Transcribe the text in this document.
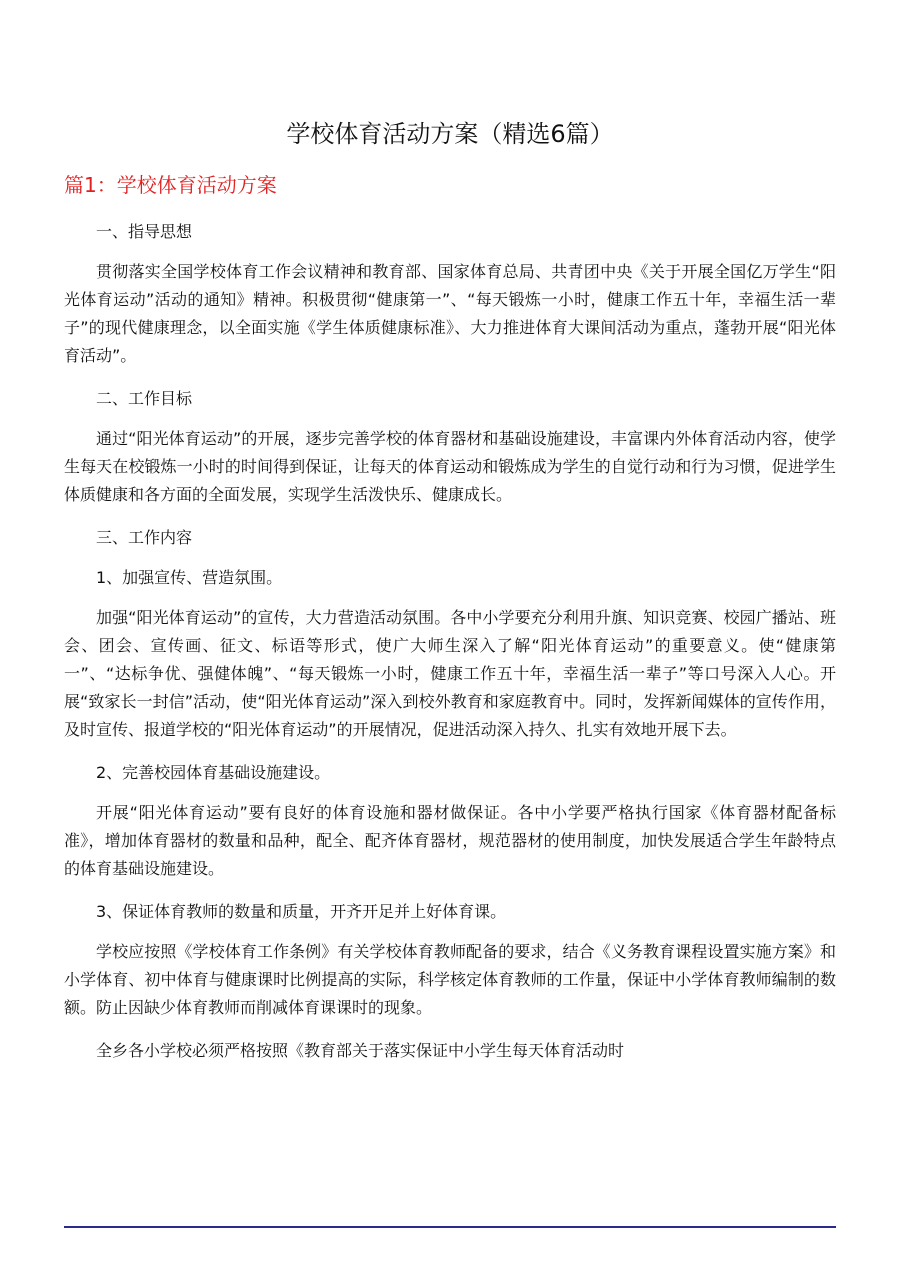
学校体育活动方案（精选6篇）
篇1：学校体育活动方案

一、指导思想

贯彻落实全国学校体育工作会议精神和教育部、国家体育总局、共青团中央《关于开展全国亿万学生“阳光体育运动”活动的通知》精神。积极贯彻“健康第一”、“每天锻炼一小时，健康工作五十年，幸福生活一辈子”的现代健康理念，以全面实施《学生体质健康标准》、大力推进体育大课间活动为重点，蓬勃开展“阳光体育活动”。

二、工作目标

通过“阳光体育运动”的开展，逐步完善学校的体育器材和基础设施建设，丰富课内外体育活动内容，使学生每天在校锻炼一小时的时间得到保证，让每天的体育运动和锻炼成为学生的自觉行动和行为习惯，促进学生体质健康和各方面的全面发展，实现学生活泼快乐、健康成长。

三、工作内容

1、加强宣传、营造氛围。

加强“阳光体育运动”的宣传，大力营造活动氛围。各中小学要充分利用升旗、知识竞赛、校园广播站、班会、团会、宣传画、征文、标语等形式，使广大师生深入了解“阳光体育运动”的重要意义。使“健康第一”、“达标争优、强健体魄”、“每天锻炼一小时，健康工作五十年，幸福生活一辈子”等口号深入人心。开展“致家长一封信”活动，使“阳光体育运动”深入到校外教育和家庭教育中。同时，发挥新闻媒体的宣传作用，及时宣传、报道学校的“阳光体育运动”的开展情况，促进活动深入持久、扎实有效地开展下去。

2、完善校园体育基础设施建设。

开展“阳光体育运动”要有良好的体育设施和器材做保证。各中小学要严格执行国家《体育器材配备标准》，增加体育器材的数量和品种，配全、配齐体育器材，规范器材的使用制度，加快发展适合学生年龄特点的体育基础设施建设。

3、保证体育教师的数量和质量，开齐开足并上好体育课。

学校应按照《学校体育工作条例》有关学校体育教师配备的要求，结合《义务教育课程设置实施方案》和小学体育、初中体育与健康课时比例提高的实际，科学核定体育教师的工作量，保证中小学体育教师编制的数额。防止因缺少体育教师而削减体育课课时的现象。

全乡各小学校必须严格按照《教育部关于落实保证中小学生每天体育活动时
